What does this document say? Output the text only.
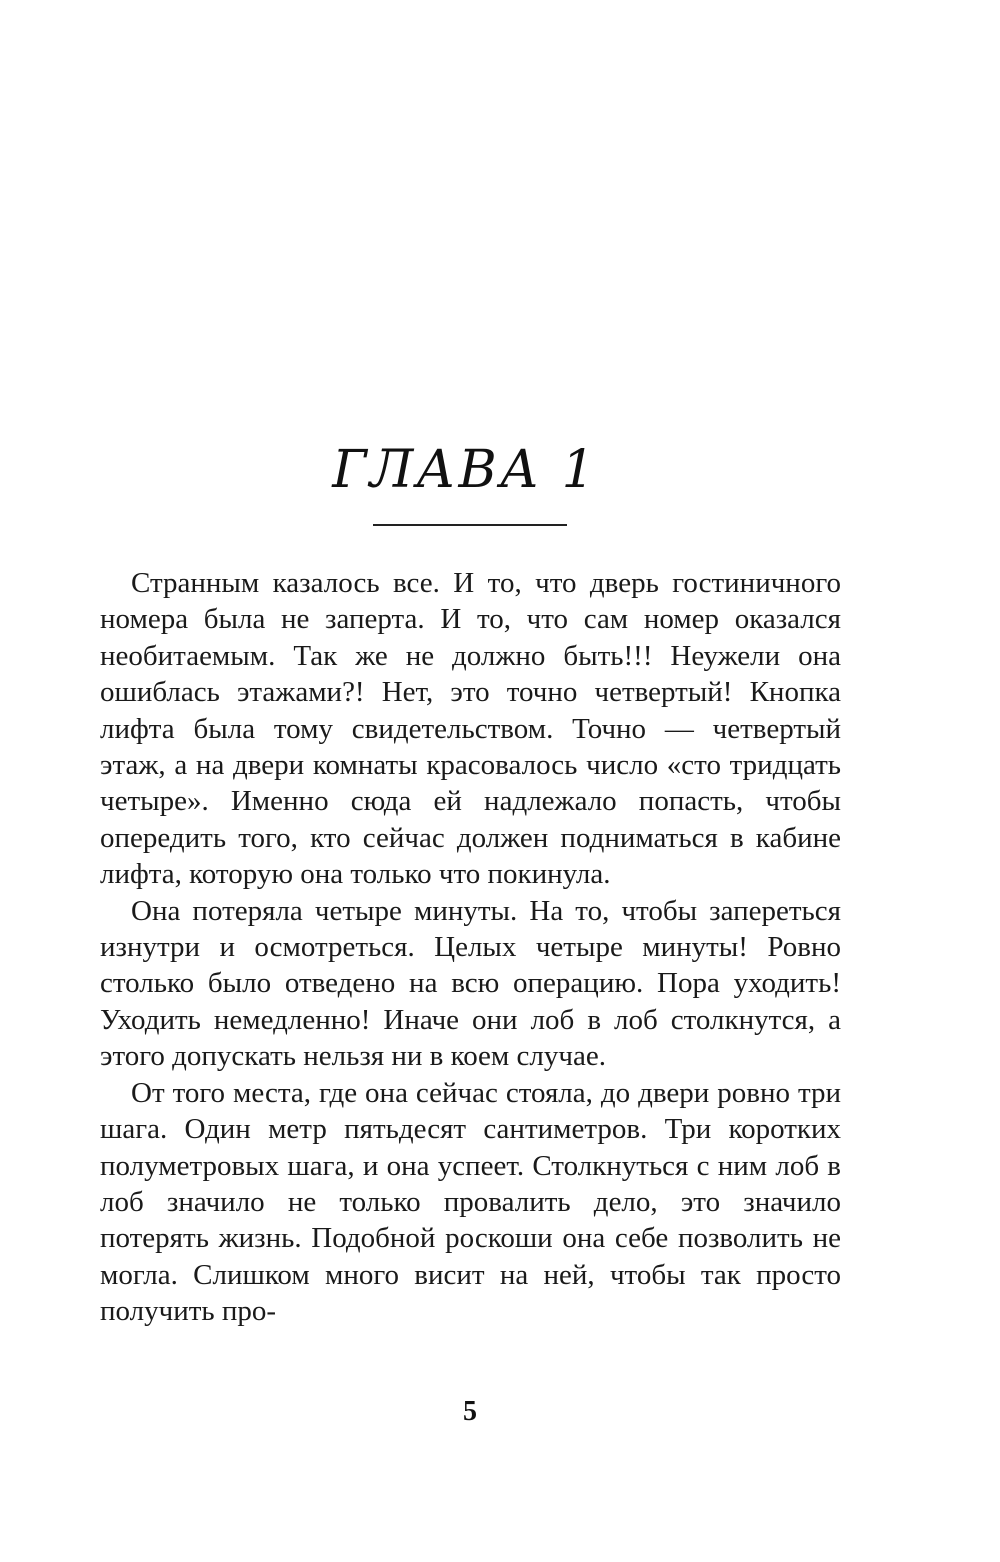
ГЛАВА 1

Странным казалось все. И то, что дверь гостиничного номера была не заперта. И то, что сам номер оказался необитаемым. Так же не должно быть!!! Неужели она ошиблась этажами?! Нет, это точно четвертый! Кнопка лифта была тому свидетельством. Точно — четвертый этаж, а на двери комнаты красовалось число «сто тридцать четыре». Именно сюда ей надлежало попасть, чтобы опередить того, кто сейчас должен подниматься в кабине лифта, которую она только что покинула.

Она потеряла четыре минуты. На то, чтобы запереться изнутри и осмотреться. Целых четыре минуты! Ровно столько было отведено на всю операцию. Пора уходить! Уходить немедленно! Иначе они лоб в лоб столкнутся, а этого допускать нельзя ни в коем случае.

От того места, где она сейчас стояла, до двери ровно три шага. Один метр пятьдесят сантиметров. Три коротких полуметровых шага, и она успеет. Столкнуться с ним лоб в лоб значило не только провалить дело, это значило потерять жизнь. Подобной роскоши она себе позволить не могла. Слишком много висит на ней, чтобы так просто получить про-

5
